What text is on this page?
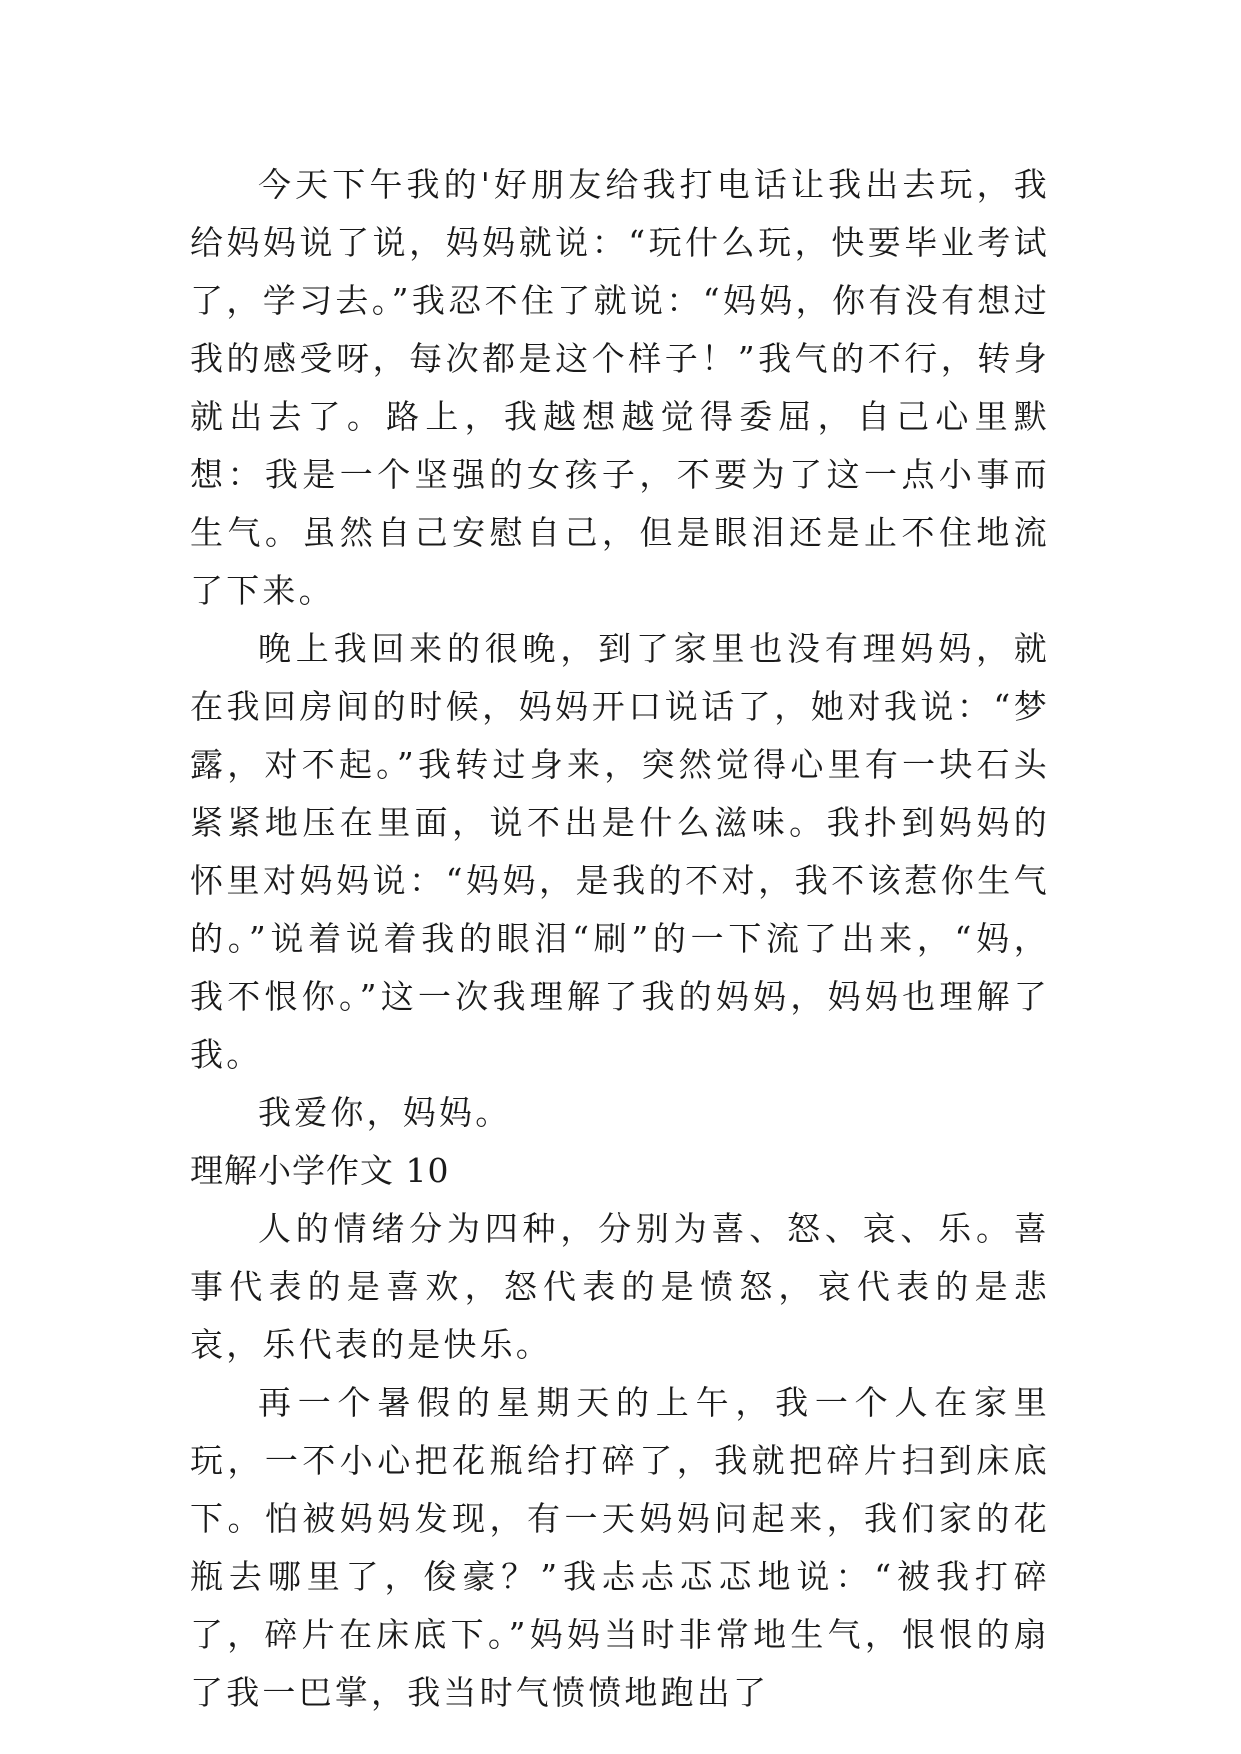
今天下午我的'好朋友给我打电话让我出去玩，我给妈妈说了说，妈妈就说：“玩什么玩，快要毕业考试了，学习去。”我忍不住了就说：“妈妈，你有没有想过我的感受呀，每次都是这个样子！”我气的不行，转身就出去了。路上，我越想越觉得委屈，自己心里默想：我是一个坚强的女孩子，不要为了这一点小事而生气。虽然自己安慰自己，但是眼泪还是止不住地流了下来。

晚上我回来的很晚，到了家里也没有理妈妈，就在我回房间的时候，妈妈开口说话了，她对我说：“梦露，对不起。”我转过身来，突然觉得心里有一块石头紧紧地压在里面，说不出是什么滋味。我扑到妈妈的怀里对妈妈说：“妈妈，是我的不对，我不该惹你生气的。”说着说着我的眼泪“刷”的一下流了出来，“妈，我不恨你。”这一次我理解了我的妈妈，妈妈也理解了我。

我爱你，妈妈。

理解小学作文 10

人的情绪分为四种，分别为喜、怒、哀、乐。喜事代表的是喜欢，怒代表的是愤怒，哀代表的是悲哀，乐代表的是快乐。

再一个暑假的星期天的上午，我一个人在家里玩，一不小心把花瓶给打碎了，我就把碎片扫到床底下。怕被妈妈发现，有一天妈妈问起来，我们家的花瓶去哪里了，俊豪？”我忐忐忑忑地说：“被我打碎了，碎片在床底下。”妈妈当时非常地生气，恨恨的扇了我一巴掌，我当时气愤愤地跑出了
